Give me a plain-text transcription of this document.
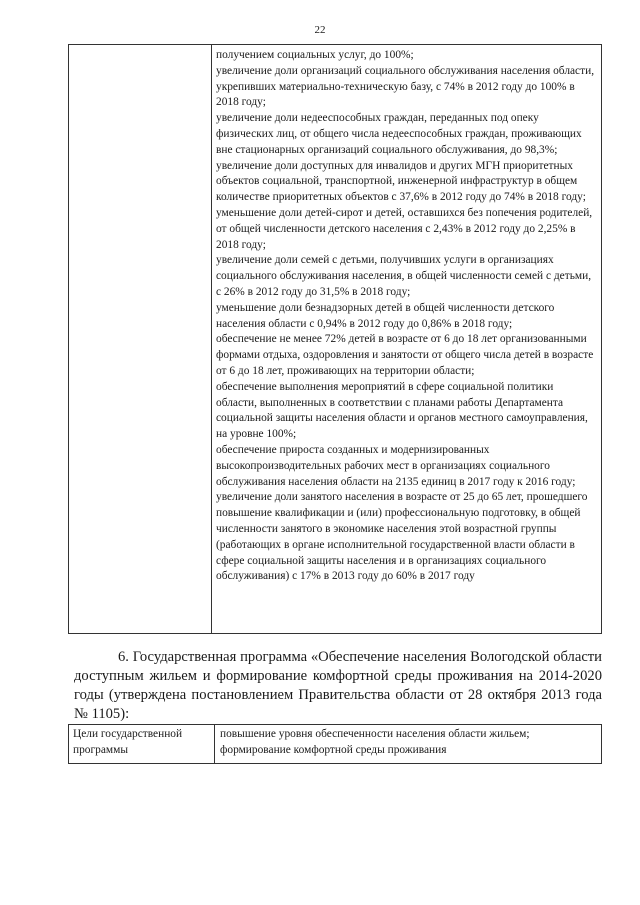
22

получением социальных услуг, до 100%;

увеличение доли организаций социального обслуживания населения области, укрепивших материально-техническую базу, с 74% в 2012 году до 100% в 2018 году;

увеличение доли недееспособных граждан, переданных под опеку физических лиц, от общего числа недееспособных граждан, проживающих вне стационарных организаций социального обслуживания, до 98,3%;

увеличение доли доступных для инвалидов и других МГН приоритетных объектов социальной, транспортной, инженерной инфраструктур в общем количестве приоритетных объектов с 37,6% в 2012 году до 74% в 2018 году;

уменьшение доли детей-сирот и детей, оставшихся без попечения родителей, от общей численности детского населения с 2,43% в 2012 году до 2,25% в 2018 году;

увеличение доли семей с детьми, получивших услуги в организациях социального обслуживания населения, в общей численности семей с детьми, с 26% в 2012 году до 31,5% в 2018 году;

уменьшение доли безнадзорных детей в общей численности детского населения области с 0,94% в 2012 году до 0,86% в 2018 году;

обеспечение не менее 72% детей в возрасте от 6 до 18 лет организованными формами отдыха, оздоровления и занятости от общего числа детей в возрасте от 6 до 18 лет, проживающих на территории области;

обеспечение выполнения мероприятий в сфере социальной политики области, выполненных в соответствии с планами работы Департамента социальной защиты населения области и органов местного самоуправления, на уровне 100%;

обеспечение прироста созданных и модернизированных высокопроизводительных рабочих мест в организациях социального обслуживания населения области на 2135 единиц в 2017 году к 2016 году;

увеличение доли занятого населения в возрасте от 25 до 65 лет, прошедшего повышение квалификации и (или) профессиональную подготовку, в общей численности занятого в экономике населения этой возрастной группы (работающих в органе исполнительной государственной власти области в сфере социальной защиты населения и в организациях социального обслуживания) с 17% в 2013 году до 60% в 2017 году

6. Государственная программа «Обеспечение населения Вологодской области доступным жильем и формирование комфортной среды проживания на 2014-2020 годы (утверждена постановлением Правительства области от 28 октября 2013 года № 1105):
Цели государственной программы
повышение уровня обеспеченности населения области жильем;
формирование комфортной среды проживания
